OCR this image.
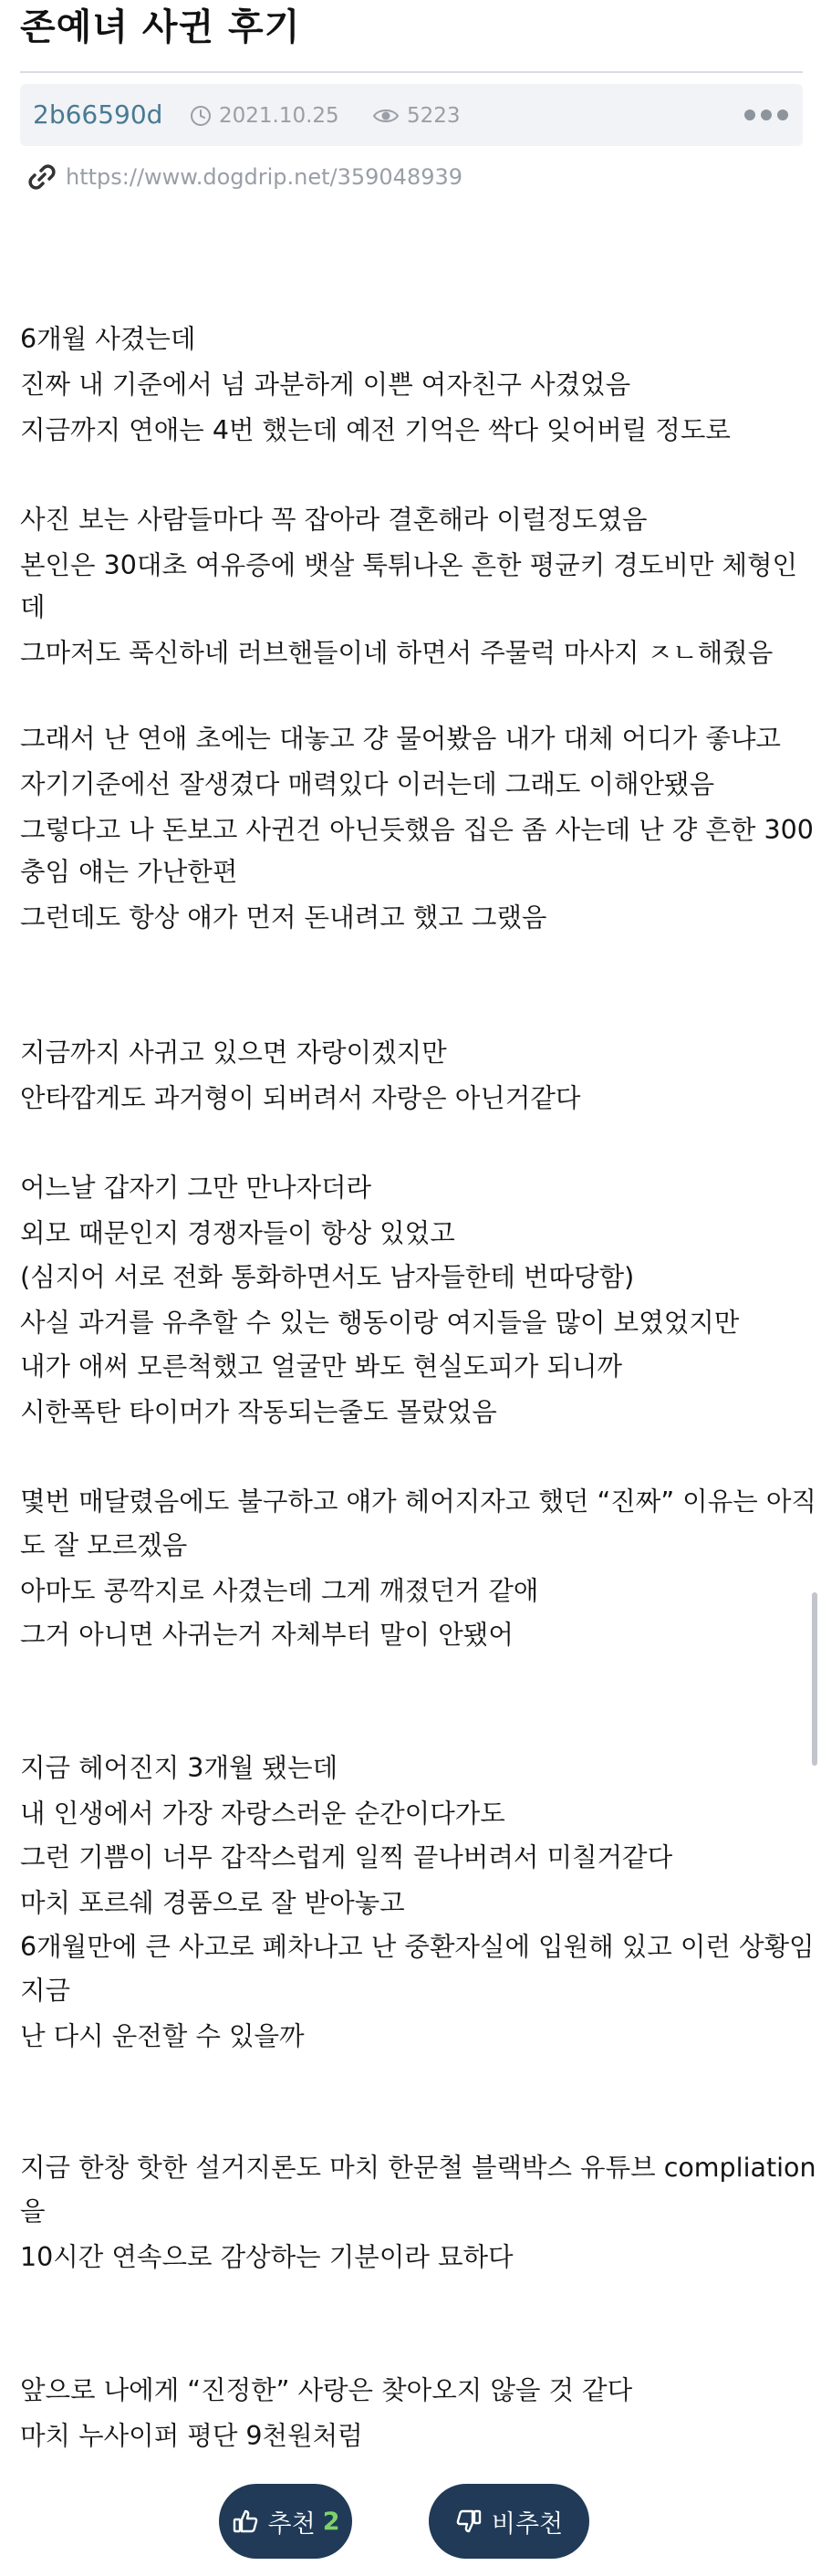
존예녀 사귄 후기
2b66590d	2021.10.25	5223
https://www.dogdrip.net/359048939
6개월 사겼는데
진짜 내 기준에서 넘 과분하게 이쁜 여자친구 사겼었음
지금까지 연애는 4번 했는데 예전 기억은 싹다 잊어버릴 정도로
사진 보는 사람들마다 꼭 잡아라 결혼해라 이럴정도였음
본인은 30대초 여유증에 뱃살 툭튀나온 흔한 평균키 경도비만 체형인
데
그마저도 푹신하네 러브핸들이네 하면서 주물럭 마사지 ㅈㄴ해줬음
그래서 난 연애 초에는 대놓고 걍 물어봤음 내가 대체 어디가 좋냐고
자기기준에선 잘생겼다 매력있다 이러는데 그래도 이해안됐음
그렇다고 나 돈보고 사귄건 아닌듯했음 집은 좀 사는데 난 걍 흔한 300
충임 얘는 가난한편
그런데도 항상 얘가 먼저 돈내려고 했고 그랬음
지금까지 사귀고 있으면 자랑이겠지만
안타깝게도 과거형이 되버려서 자랑은 아닌거같다
어느날 갑자기 그만 만나자더라
외모 때문인지 경쟁자들이 항상 있었고
(심지어 서로 전화 통화하면서도 남자들한테 번따당함)
사실 과거를 유추할 수 있는 행동이랑 여지들을 많이 보였었지만
내가 애써 모른척했고 얼굴만 봐도 현실도피가 되니까
시한폭탄 타이머가 작동되는줄도 몰랐었음
몇번 매달렸음에도 불구하고 얘가 헤어지자고 했던 “진짜” 이유는 아직
도 잘 모르겠음
아마도 콩깍지로 사겼는데 그게 깨졌던거 같애
그거 아니면 사귀는거 자체부터 말이 안됐어
지금 헤어진지 3개월 됐는데
내 인생에서 가장 자랑스러운 순간이다가도
그런 기쁨이 너무 갑작스럽게 일찍 끝나버려서 미칠거같다
마치 포르쉐 경품으로 잘 받아놓고
6개월만에 큰 사고로 폐차나고 난 중환자실에 입원해 있고 이런 상황임
지금
난 다시 운전할 수 있을까
지금 한창 핫한 설거지론도 마치 한문철 블랙박스 유튜브 compliation
을
10시간 연속으로 감상하는 기분이라 묘하다
앞으로 나에게 “진정한” 사랑은 찾아오지 않을 것 같다
마치 누사이퍼 평단 9천원처럼
추천 2	비추천
